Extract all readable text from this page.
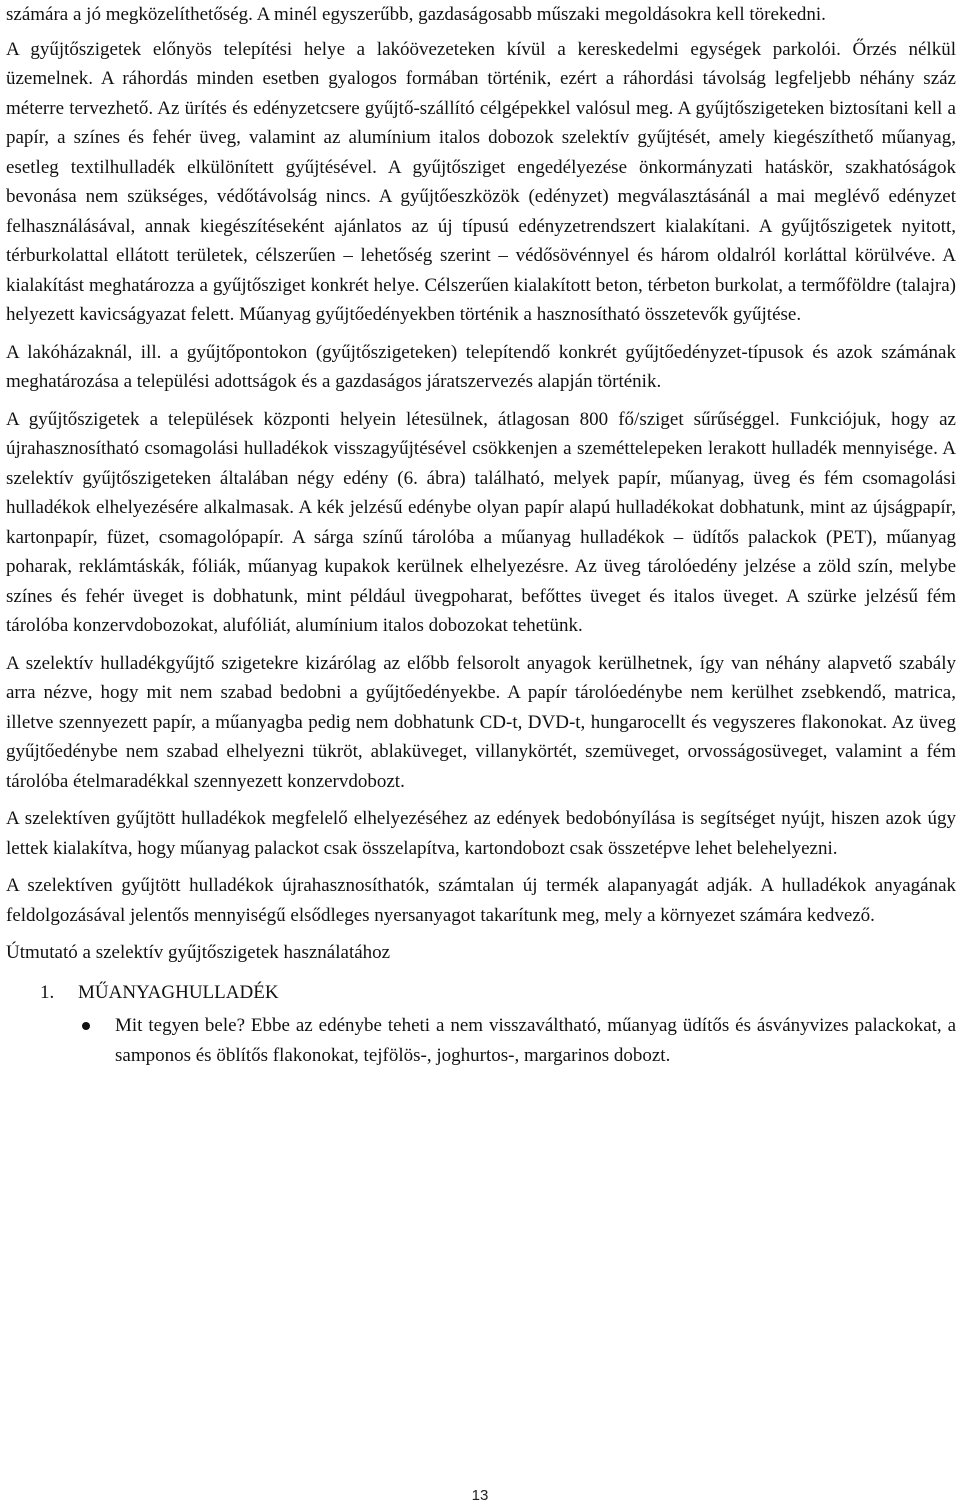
számára a jó megközelíthetőség. A minél egyszerűbb, gazdaságosabb műszaki megoldásokra kell törekedni.

A gyűjtőszigetek előnyös telepítési helye a lakóövezeteken kívül a kereskedelmi egységek parkolói. Őrzés nélkül üzemelnek. A ráhordás minden esetben gyalogos formában történik, ezért a ráhordási távolság legfeljebb néhány száz méterre tervezhető. Az ürítés és edényzetcsere gyűjtő-szállító célgépekkel valósul meg. A gyűjtőszigeteken biztosítani kell a papír, a színes és fehér üveg, valamint az alumínium italos dobozok szelektív gyűjtését, amely kiegészíthető műanyag, esetleg textilhulladék elkülönített gyűjtésével. A gyűjtősziget engedélyezése önkormányzati hatáskör, szakhatóságok bevonása nem szükséges, védőtávolság nincs. A gyűjtőeszközök (edényzet) megválasztásánál a mai meglévő edényzet felhasználásával, annak kiegészítéseként ajánlatos az új típusú edényzetrendszert kialakítani. A gyűjtőszigetek nyitott, térburkolattal ellátott területek, célszerűen – lehetőség szerint – védősövénnyel és három oldalról korláttal körülvéve. A kialakítást meghatározza a gyűjtősziget konkrét helye. Célszerűen kialakított beton, térbeton burkolat, a termőföldre (talajra) helyezett kavicságyazat felett. Műanyag gyűjtőedényekben történik a hasznosítható összetevők gyűjtése.

A lakóházaknál, ill. a gyűjtőpontokon (gyűjtőszigeteken) telepítendő konkrét gyűjtőedényzet-típusok és azok számának meghatározása a települési adottságok és a gazdaságos járatszervezés alapján történik.

A gyűjtőszigetek a települések központi helyein létesülnek, átlagosan 800 fő/sziget sűrűséggel. Funkciójuk, hogy az újrahasznosítható csomagolási hulladékok visszagyűjtésével csökkenjen a szeméttelepeken lerakott hulladék mennyisége. A szelektív gyűjtőszigeteken általában négy edény (6. ábra) található, melyek papír, műanyag, üveg és fém csomagolási hulladékok elhelyezésére alkalmasak. A kék jelzésű edénybe olyan papír alapú hulladékokat dobhatunk, mint az újságpapír, kartonpapír, füzet, csomagolópapír. A sárga színű tárolóba a műanyag hulladékok – üdítős palackok (PET), műanyag poharak, reklámtáskák, fóliák, műanyag kupakok kerülnek elhelyezésre. Az üveg tárolóedény jelzése a zöld szín, melybe színes és fehér üveget is dobhatunk, mint például üvegpoharat, befőttes üveget és italos üveget. A szürke jelzésű fém tárolóba konzervdobozokat, alufóliát, alumínium italos dobozokat tehetünk.

A szelektív hulladékgyűjtő szigetekre kizárólag az előbb felsorolt anyagok kerülhetnek, így van néhány alapvető szabály arra nézve, hogy mit nem szabad bedobni a gyűjtőedényekbe. A papír tárolóedénybe nem kerülhet zsebkendő, matrica, illetve szennyezett papír, a műanyagba pedig nem dobhatunk CD-t, DVD-t, hungarocellt és vegyszeres flakonokat. Az üveg gyűjtőedénybe nem szabad elhelyezni tükröt, ablaküveget, villanykörtét, szemüveget, orvosságosüveget, valamint a fém tárolóba ételmaradékkal szennyezett konzervdobozt.

A szelektíven gyűjtött hulladékok megfelelő elhelyezéséhez az edények bedobónyílása is segítséget nyújt, hiszen azok úgy lettek kialakítva, hogy műanyag palackot csak összelapítva, kartondobozt csak összetépve lehet belehelyezni.

A szelektíven gyűjtött hulladékok újrahasznosíthatók, számtalan új termék alapanyagát adják. A hulladékok anyagának feldolgozásával jelentős mennyiségű elsődleges nyersanyagot takarítunk meg, mely a környezet számára kedvező.

Útmutató a szelektív gyűjtőszigetek használatához

1. MŰANYAGHULLADÉK
Mit tegyen bele? Ebbe az edénybe teheti a nem visszaváltható, műanyag üdítős és ásványvizes palackokat, a samponos és öblítős flakonokat, tejfölös-, joghurtos-, margarinos dobozt.
13
